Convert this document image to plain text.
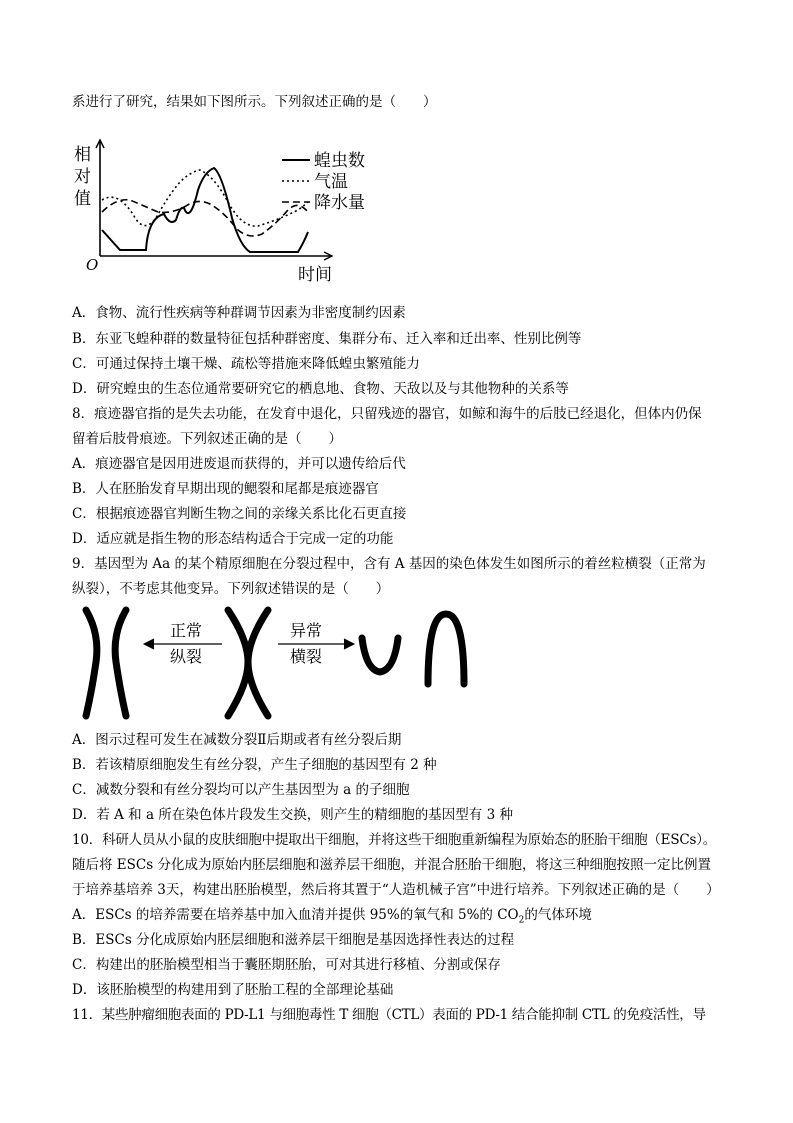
系进行了研究，结果如下图所示。下列叙述正确的是（　　）
相
对
值
O	时间
蝗虫数
气温
降水量
A．食物、流行性疾病等种群调节因素为非密度制约因素
B．东亚飞蝗种群的数量特征包括种群密度、集群分布、迁入率和迁出率、性别比例等
C．可通过保持土壤干燥、疏松等措施来降低蝗虫繁殖能力
D．研究蝗虫的生态位通常要研究它的栖息地、食物、天敌以及与其他物种的关系等
8．痕迹器官指的是失去功能，在发育中退化，只留残迹的器官，如鲸和海牛的后肢已经退化，但体内仍保
留着后肢骨痕迹。下列叙述正确的是（　　）
A．痕迹器官是因用进废退而获得的，并可以遗传给后代
B．人在胚胎发育早期出现的鳃裂和尾都是痕迹器官
C．根据痕迹器官判断生物之间的亲缘关系比化石更直接
D．适应就是指生物的形态结构适合于完成一定的功能
9．基因型为 Aa 的某个精原细胞在分裂过程中，含有 A 基因的染色体发生如图所示的着丝粒横裂（正常为
纵裂），不考虑其他变异。下列叙述错误的是（　　）
正常
纵裂
异常
横裂
A．图示过程可发生在减数分裂Ⅱ后期或者有丝分裂后期
B．若该精原细胞发生有丝分裂，产生子细胞的基因型有 2 种
C．减数分裂和有丝分裂均可以产生基因型为 a 的子细胞
D．若 A 和 a 所在染色体片段发生交换，则产生的精细胞的基因型有 3 种
10．科研人员从小鼠的皮肤细胞中提取出干细胞，并将这些干细胞重新编程为原始态的胚胎干细胞（ESCs）。
随后将 ESCs 分化成为原始内胚层细胞和滋养层干细胞，并混合胚胎干细胞，将这三种细胞按照一定比例置
于培养基培养 3天，构建出胚胎模型，然后将其置于“人造机械子宫”中进行培养。下列叙述正确的是（　　）
A．ESCs 的培养需要在培养基中加入血清并提供 95%的氧气和 5%的 $CO_2$的气体环境
B．ESCs 分化成原始内胚层细胞和滋养层干细胞是基因选择性表达的过程
C．构建出的胚胎模型相当于囊胚期胚胎，可对其进行移植、分割或保存
D．该胚胎模型的构建用到了胚胎工程的全部理论基础
11．某些肿瘤细胞表面的 PD-L1 与细胞毒性 T 细胞（CTL）表面的 PD-1 结合能抑制 CTL 的免疫活性，导
